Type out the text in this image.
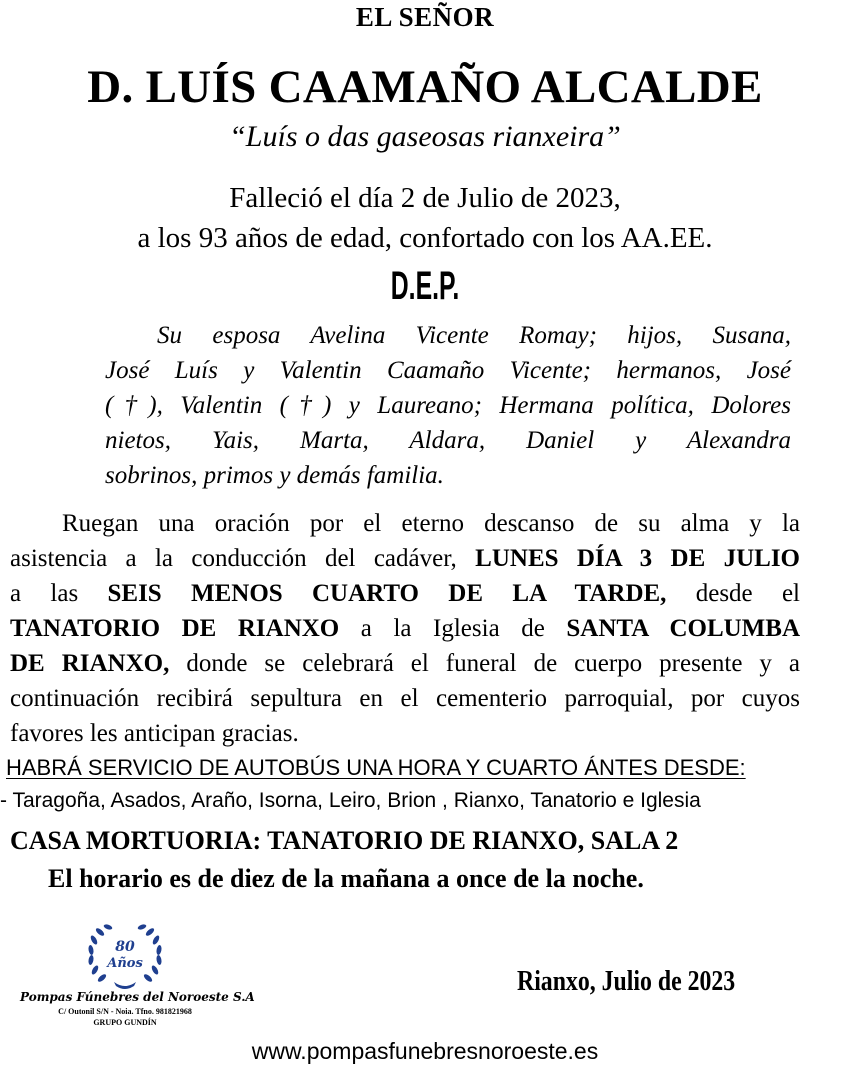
EL SEÑOR
D. LUÍS CAAMAÑO ALCALDE
“Luís o das gaseosas rianxeira”
Falleció el día 2 de Julio de 2023,
a los 93 años de edad, confortado con los AA.EE.
D.E.P.
Su esposa Avelina Vicente Romay; hijos, Susana,
José Luís y Valentin Caamaño Vicente; hermanos, José
(†), Valentin (†) y Laureano; Hermana política, Dolores
nietos, Yais, Marta, Aldara, Daniel y Alexandra
sobrinos, primos y demás familia.
Ruegan una oración por el eterno descanso de su alma y la
asistencia a la conducción del cadáver, LUNES DÍA 3 DE JULIO
a las SEIS MENOS CUARTO DE LA TARDE, desde el
TANATORIO DE RIANXO a la Iglesia de SANTA COLUMBA
DE RIANXO, donde se celebrará el funeral de cuerpo presente y a
continuación recibirá sepultura en el cementerio parroquial, por cuyos
favores les anticipan gracias.
HABRÁ SERVICIO DE AUTOBÚS UNA HORA Y CUARTO ÁNTES DESDE:
- Taragoña, Asados, Araño, Isorna, Leiro, Brion , Rianxo, Tanatorio e Iglesia
CASA MORTUORIA: TANATORIO DE RIANXO, SALA 2
El horario es de diez de la mañana a once de la noche.
80
Años
Pompas Fúnebres del Noroeste S.A
C/ Outonil S/N - Noia. Tfno. 981821968
GRUPO GUNDÍN
Rianxo, Julio de 2023
www.pompasfunebresnoroeste.es
